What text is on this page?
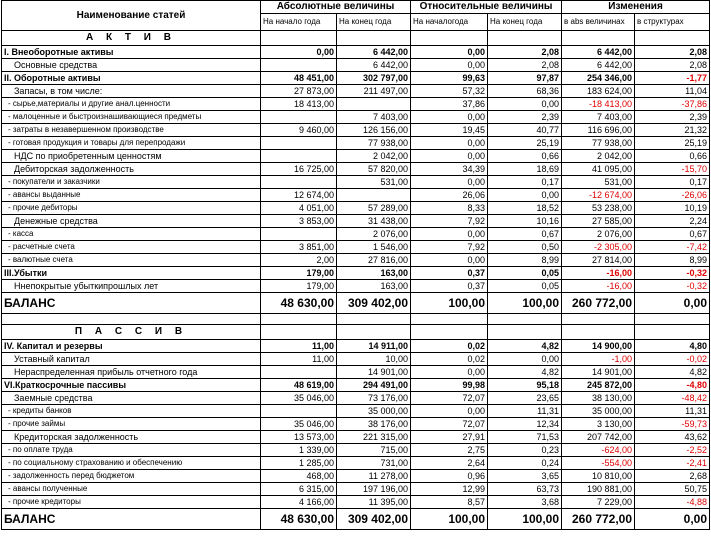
Наименование статей	Абсолютные величины		Относительные величины		Изменения	
	На начало года	На конец года	На началогода	На конец года	в abs величинах	в структурах
А К Т И В						
I. Внеоборотные активы	0,00	6 442,00	0,00	2,08	6 442,00	2,08
Основные средства		6 442,00	0,00	2,08	6 442,00	2,08
II. Оборотные активы	48 451,00	302 797,00	99,63	97,87	254 346,00	-1,77
Запасы, в том числе:	27 873,00	211 497,00	57,32	68,36	183 624,00	11,04
- сырье,материалы и другие анал.ценности	18 413,00		37,86	0,00	-18 413,00	-37,86
- малоценные и быстроизнашивающиеся предметы		7 403,00	0,00	2,39	7 403,00	2,39
- затраты в незавершенном производстве	9 460,00	126 156,00	19,45	40,77	116 696,00	21,32
- готовая продукция и товары для перепродажи		77 938,00	0,00	25,19	77 938,00	25,19
НДС по приобретенным ценностям		2 042,00	0,00	0,66	2 042,00	0,66
Дебиторская задолженность	16 725,00	57 820,00	34,39	18,69	41 095,00	-15,70
- покупатели и заказчики		531,00	0,00	0,17	531,00	0,17
- авансы выданные	12 674,00		26,06	0,00	-12 674,00	-26,06
- прочие дебиторы	4 051,00	57 289,00	8,33	18,52	53 238,00	10,19
Денежные средства	3 853,00	31 438,00	7,92	10,16	27 585,00	2,24
- касса		2 076,00	0,00	0,67	2 076,00	0,67
- расчетные счета	3 851,00	1 546,00	7,92	0,50	-2 305,00	-7,42
- валютные счета	2,00	27 816,00	0,00	8,99	27 814,00	8,99
III.Убытки	179,00	163,00	0,37	0,05	-16,00	-0,32
Ннепокрытые убыткипрошлых лет	179,00	163,00	0,37	0,05	-16,00	-0,32
БАЛАНС	48 630,00	309 402,00	100,00	100,00	260 772,00	0,00

П А С С И В						
IV. Капитал и резервы	11,00	14 911,00	0,02	4,82	14 900,00	4,80
Уставный капитал	11,00	10,00	0,02	0,00	-1,00	-0,02
Нераспределенная прибыль отчетного года		14 901,00	0,00	4,82	14 901,00	4,82
VI.Краткосрочные пассивы	48 619,00	294 491,00	99,98	95,18	245 872,00	-4,80
Заемные средства	35 046,00	73 176,00	72,07	23,65	38 130,00	-48,42
- кредиты банков		35 000,00	0,00	11,31	35 000,00	11,31
- прочие займы	35 046,00	38 176,00	72,07	12,34	3 130,00	-59,73
Кредиторская задолженность	13 573,00	221 315,00	27,91	71,53	207 742,00	43,62
- по оплате труда	1 339,00	715,00	2,75	0,23	-624,00	-2,52
- по социальному страхованию и обеспечению	1 285,00	731,00	2,64	0,24	-554,00	-2,41
- задолженность перед бюджетом	468,00	11 278,00	0,96	3,65	10 810,00	2,68
- авансы полученные	6 315,00	197 196,00	12,99	63,73	190 881,00	50,75
- прочие кредиторы	4 166,00	11 395,00	8,57	3,68	7 229,00	-4,88
БАЛАНС	48 630,00	309 402,00	100,00	100,00	260 772,00	0,00
